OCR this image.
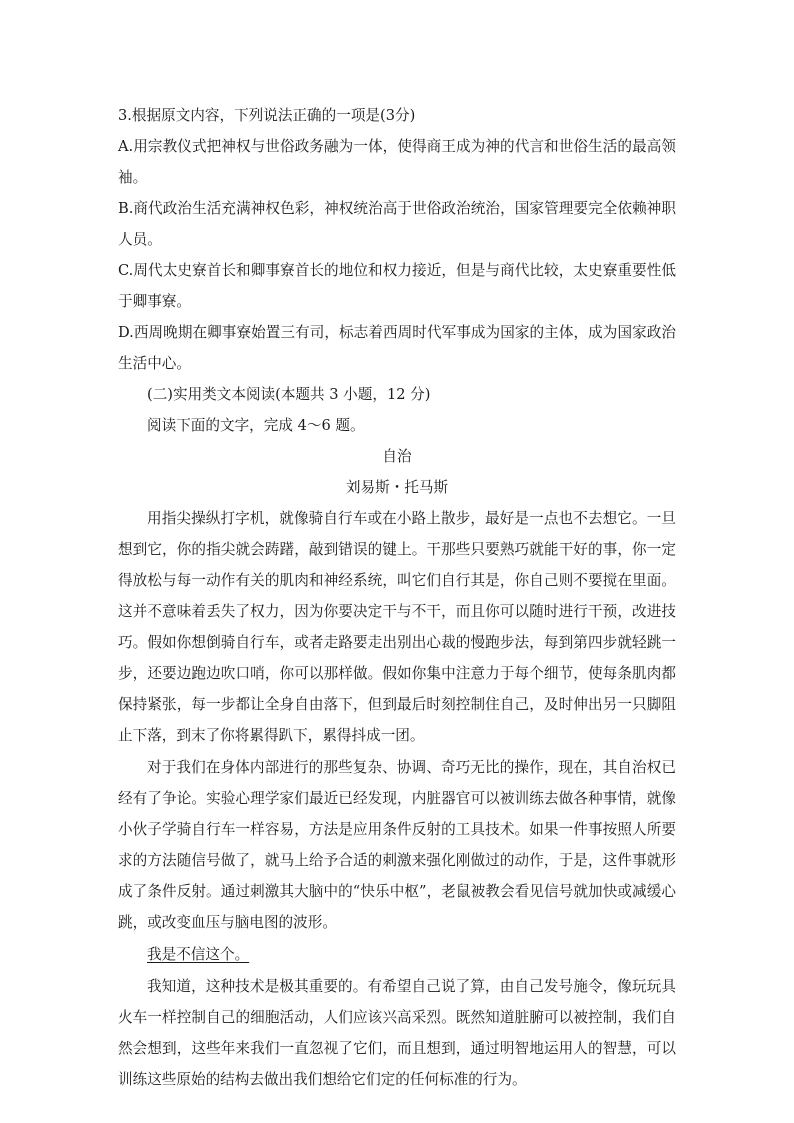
3.根据原文内容，下列说法正确的一项是(3分)

A.用宗教仪式把神权与世俗政务融为一体，使得商王成为神的代言和世俗生活的最高领袖。

B.商代政治生活充满神权色彩，神权统治高于世俗政治统治，国家管理要完全依赖神职人员。

C.周代太史寮首长和卿事寮首长的地位和权力接近，但是与商代比较，太史寮重要性低于卿事寮。

D.西周晚期在卿事寮始置三有司，标志着西周时代军事成为国家的主体，成为国家政治生活中心。

(二)实用类文本阅读(本题共 3 小题，12 分)

阅读下面的文字，完成 4～6 题。

自治

刘易斯・托马斯

用指尖操纵打字机，就像骑自行车或在小路上散步，最好是一点也不去想它。一旦想到它，你的指尖就会踌躇，敲到错误的键上。干那些只要熟巧就能干好的事，你一定得放松与每一动作有关的肌肉和神经系统，叫它们自行其是，你自己则不要搅在里面。这并不意味着丢失了权力，因为你要决定干与不干，而且你可以随时进行干预，改进技巧。假如你想倒骑自行车，或者走路要走出别出心裁的慢跑步法，每到第四步就轻跳一步，还要边跑边吹口哨，你可以那样做。假如你集中注意力于每个细节，使每条肌肉都保持紧张，每一步都让全身自由落下，但到最后时刻控制住自己，及时伸出另一只脚阻止下落，到末了你将累得趴下，累得抖成一团。

对于我们在身体内部进行的那些复杂、协调、奇巧无比的操作，现在，其自治权已经有了争论。实验心理学家们最近已经发现，内脏器官可以被训练去做各种事情，就像小伙子学骑自行车一样容易，方法是应用条件反射的工具技术。如果一件事按照人所要求的方法随信号做了，就马上给予合适的刺激来强化刚做过的动作，于是，这件事就形成了条件反射。通过刺激其大脑中的“快乐中枢”，老鼠被教会看见信号就加快或减缓心跳，或改变血压与脑电图的波形。

我是不信这个。

我知道，这种技术是极其重要的。有希望自己说了算，由自己发号施令，像玩玩具火车一样控制自己的细胞活动，人们应该兴高采烈。既然知道脏腑可以被控制，我们自然会想到，这些年来我们一直忽视了它们，而且想到，通过明智地运用人的智慧，可以训练这些原始的结构去做出我们想给它们定的任何标准的行为。
